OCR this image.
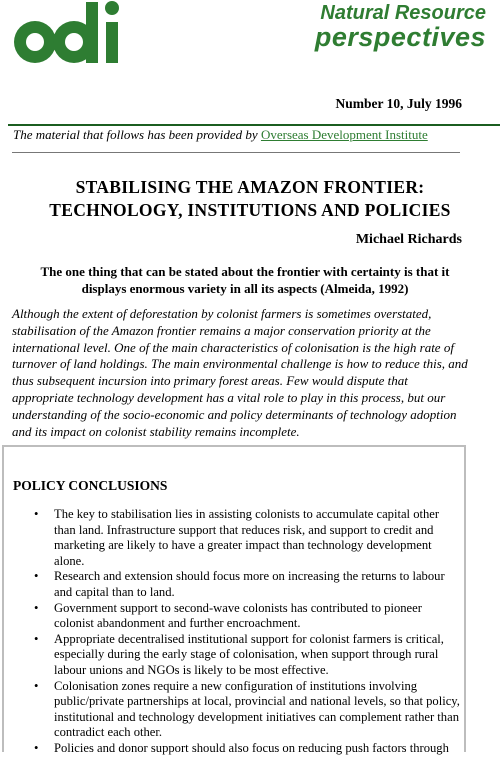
Natural Resource
perspectives
Number 10, July 1996
The material that follows has been provided by Overseas Development Institute
STABILISING THE AMAZON FRONTIER:
TECHNOLOGY, INSTITUTIONS AND POLICIES
Michael Richards
The one thing that can be stated about the frontier with certainty is that it
displays enormous variety in all its aspects (Almeida, 1992)
Although the extent of deforestation by colonist farmers is sometimes overstated, stabilisation of the Amazon frontier remains a major conservation priority at the international level. One of the main characteristics of colonisation is the high rate of turnover of land holdings. The main environmental challenge is how to reduce this, and thus subsequent incursion into primary forest areas. Few would dispute that appropriate technology development has a vital role to play in this process, but our understanding of the socio-economic and policy determinants of technology adoption and its impact on colonist stability remains incomplete.
POLICY CONCLUSIONS
• The key to stabilisation lies in assisting colonists to accumulate capital other than land. Infrastructure support that reduces risk, and support to credit and marketing are likely to have a greater impact than technology development alone.
• Research and extension should focus more on increasing the returns to labour and capital than to land.
• Government support to second-wave colonists has contributed to pioneer colonist abandonment and further encroachment.
• Appropriate decentralised institutional support for colonist farmers is critical, especially during the early stage of colonisation, when support through rural labour unions and NGOs is likely to be most effective.
• Colonisation zones require a new configuration of institutions involving public/private partnerships at local, provincial and national levels, so that policy, institutional and technology development initiatives can complement rather than contradict each other.
• Policies and donor support should also focus on reducing push factors through
